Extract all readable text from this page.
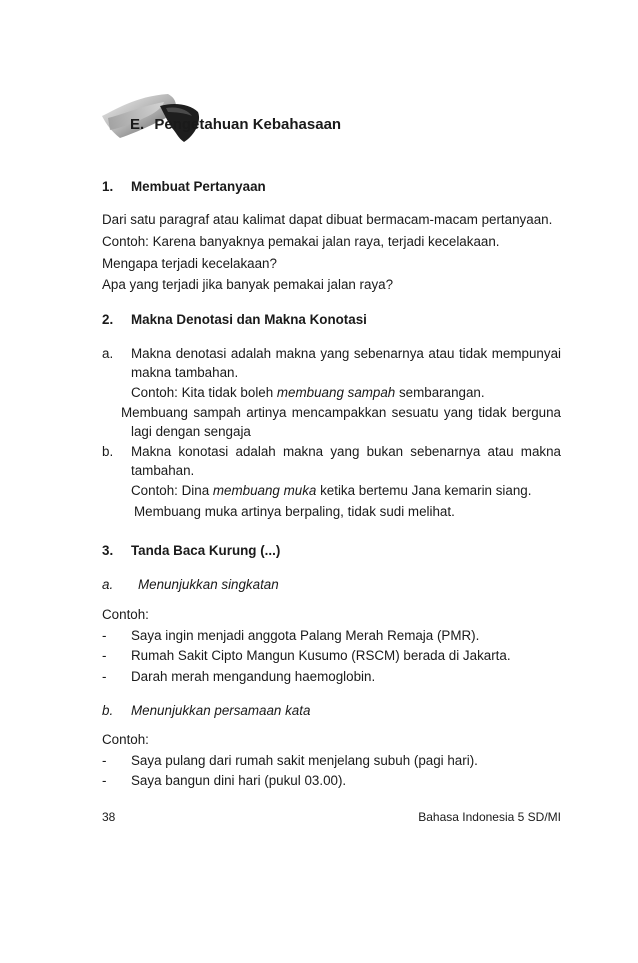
E. Pengetahuan Kebahasaan
1. Membuat Pertanyaan
Dari satu paragraf atau kalimat dapat dibuat bermacam-macam pertanyaan.
Contoh: Karena banyaknya pemakai jalan raya, terjadi kecelakaan.
Mengapa terjadi kecelakaan?
Apa yang terjadi jika banyak pemakai jalan raya?
2. Makna Denotasi dan Makna Konotasi
a. Makna denotasi adalah makna yang sebenarnya atau tidak mempunyai
makna tambahan.
Contoh: Kita tidak boleh membuang sampah sembarangan.
Membuang sampah artinya mencampakkan sesuatu yang tidak berguna
lagi dengan sengaja
b. Makna konotasi adalah makna yang bukan sebenarnya atau makna
tambahan.
Contoh: Dina membuang muka ketika bertemu Jana kemarin siang.
Membuang muka artinya berpaling, tidak sudi melihat.
3. Tanda Baca Kurung (...)
a. Menunjukkan singkatan
Contoh:
- Saya ingin menjadi anggota Palang Merah Remaja (PMR).
- Rumah Sakit Cipto Mangun Kusumo (RSCM) berada di Jakarta.
- Darah merah mengandung haemoglobin.
b. Menunjukkan persamaan kata
Contoh:
- Saya pulang dari rumah sakit menjelang subuh (pagi hari).
- Saya bangun dini hari (pukul 03.00).
38	Bahasa Indonesia 5 SD/MI
